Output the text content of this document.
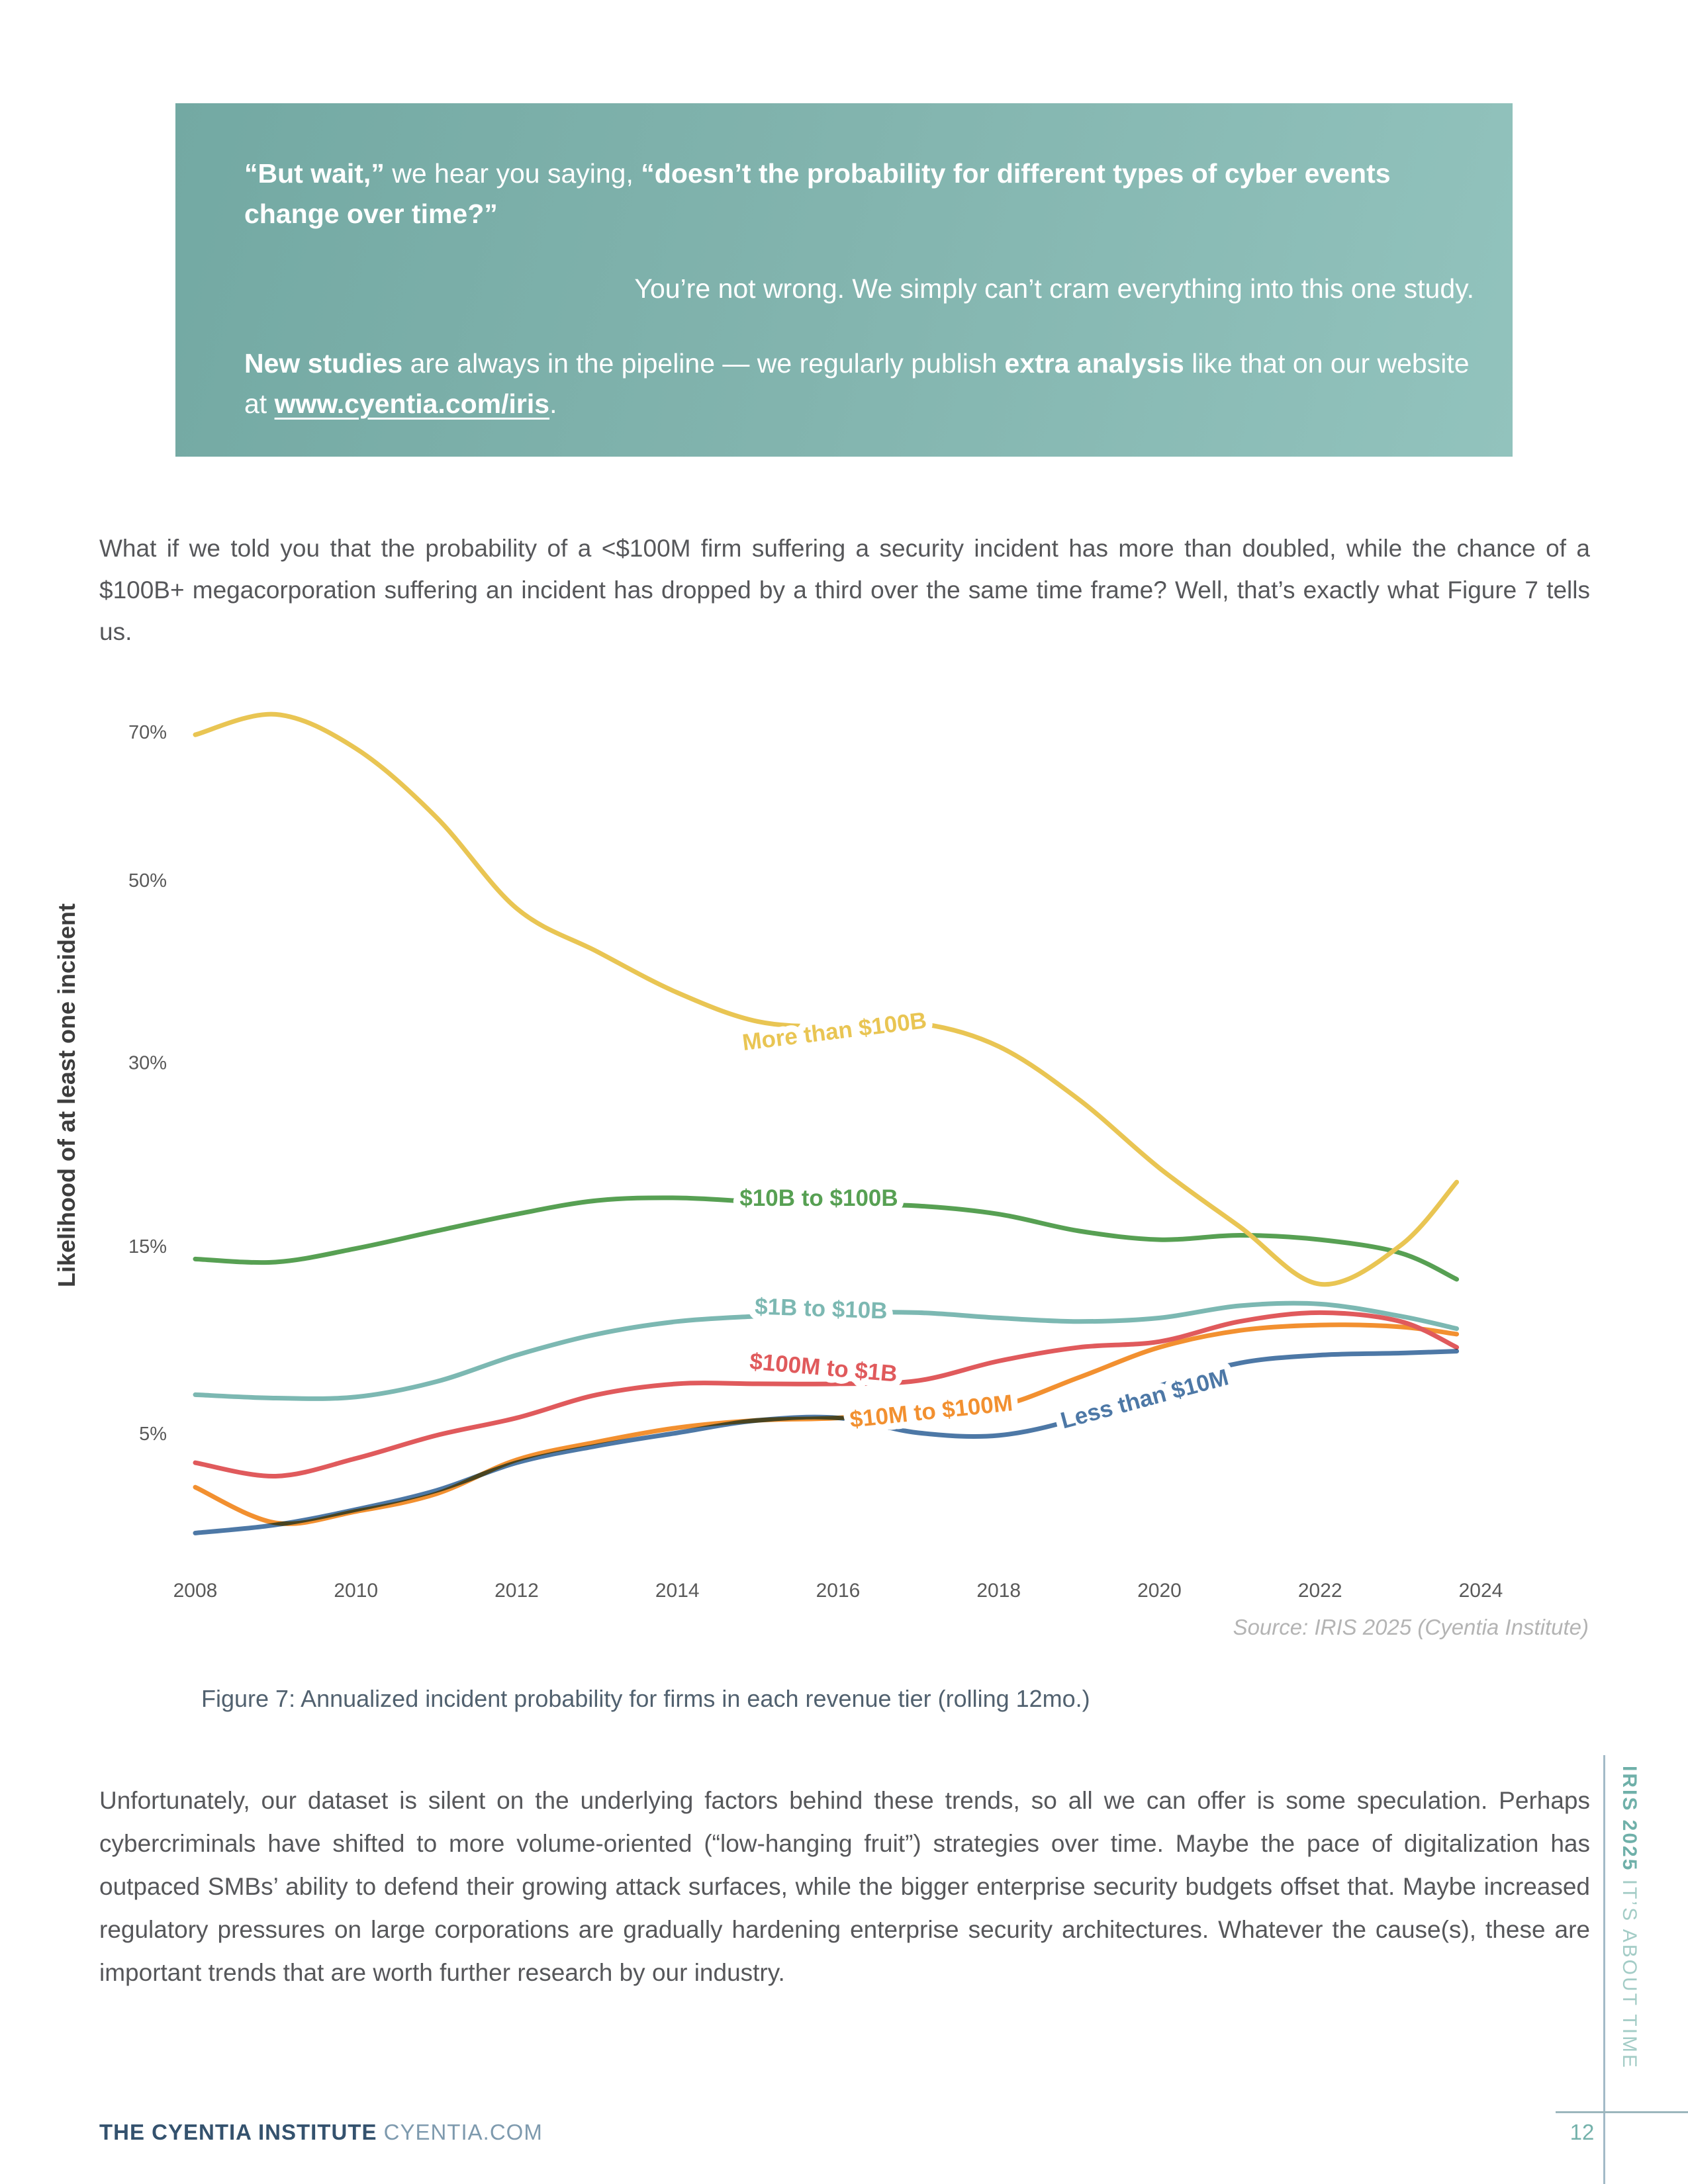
“But wait,” we hear you saying, “doesn’t the probability for different types of cyber events change over time?”

You’re not wrong. We simply can’t cram everything into this one study.

New studies are always in the pipeline — we regularly publish extra analysis like that on our website at www.cyentia.com/iris.

What if we told you that the probability of a <$100M firm suffering a security incident has more than doubled, while the chance of a $100B+ megacorporation suffering an incident has dropped by a third over the same time frame? Well, that’s exactly what Figure 7 tells us.
70%
50%
30%
15%
5%
2008	2010	2012	2014	2016	2018	2020	2022	2024
Likelihood of at least one incident	More than $100B
$10B to $100B
$1B to $10B
$100M to $1B
$10M to $100M Less than $10M
Source: IRIS 2025 (Cyentia Institute)
Figure 7: Annualized incident probability for firms in each revenue tier (rolling 12mo.)
Unfortunately, our dataset is silent on the underlying factors behind these trends, so all we can offer is some speculation. Perhaps cybercriminals have shifted to more volume-oriented (“low-hanging fruit”) strategies over time. Maybe the pace of digitalization has outpaced SMBs’ ability to defend their growing attack surfaces, while the bigger enterprise security budgets offset that. Maybe increased regulatory pressures on large corporations are gradually hardening enterprise security architectures. Whatever the cause(s), these are important trends that are worth further research by our industry.
IRIS 2025 IT’S ABOUT TIME
THE CYENTIA INSTITUTE CYENTIA.COM	12
